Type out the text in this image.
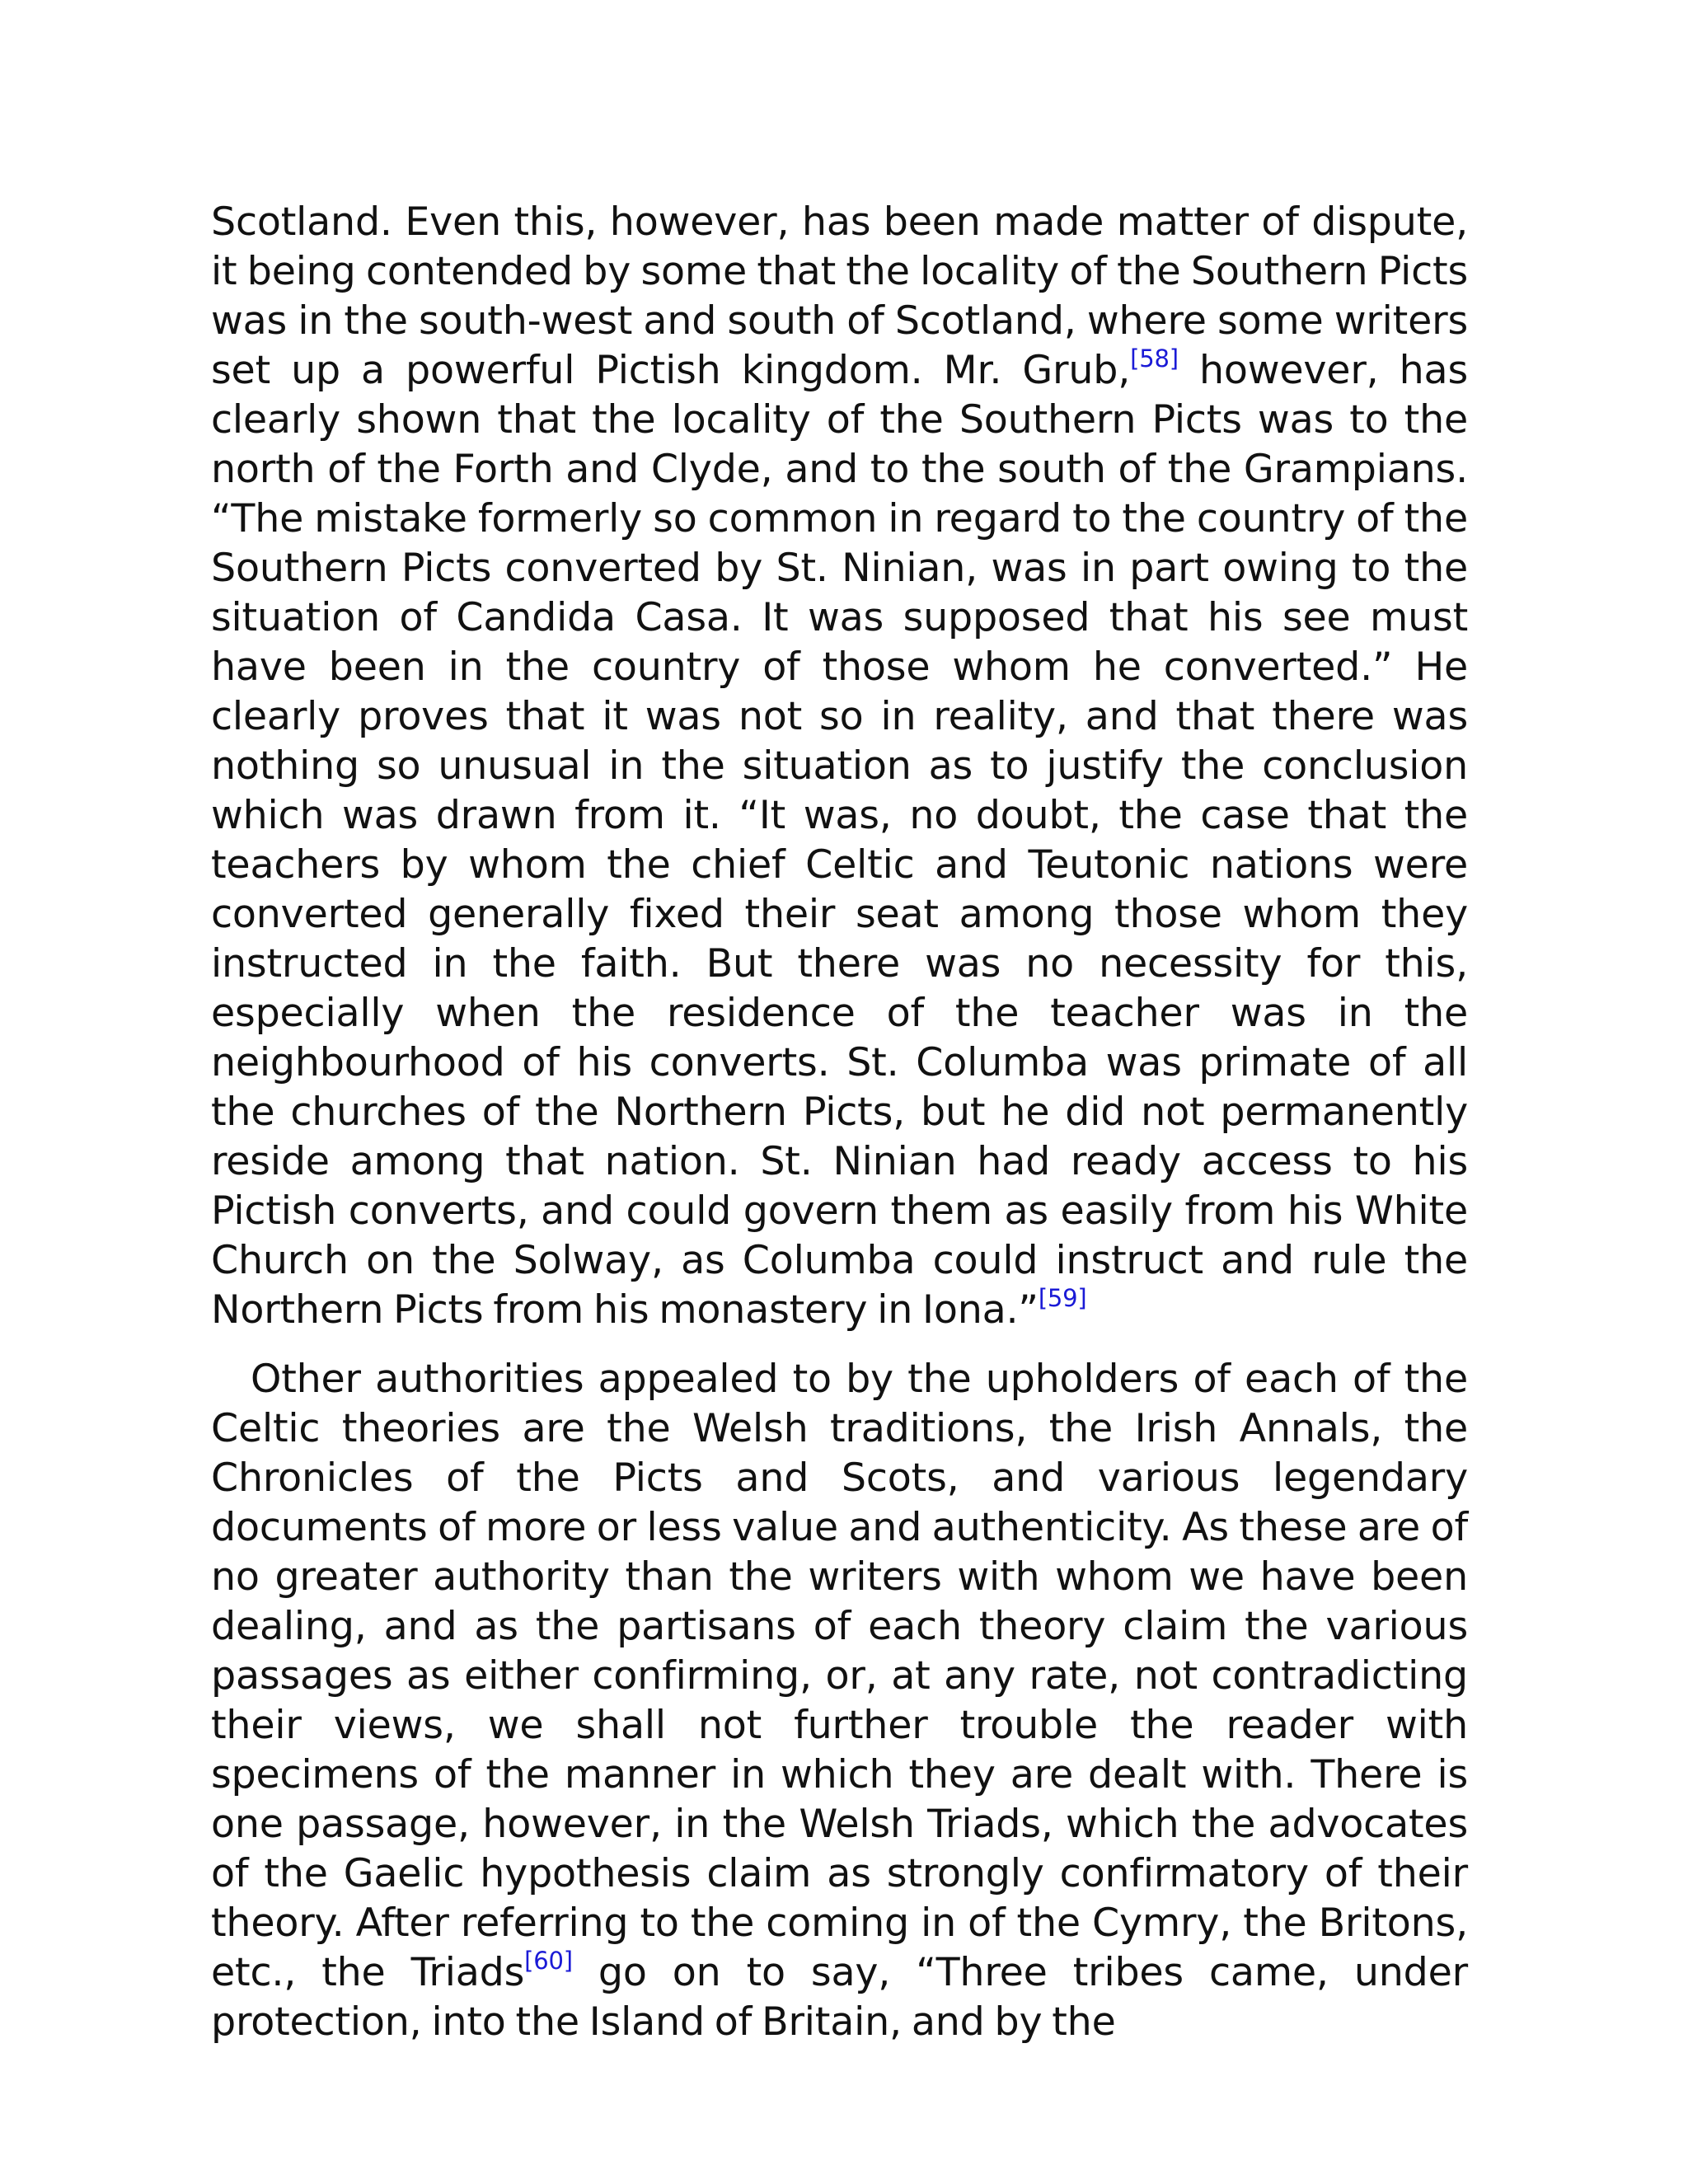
Scotland. Even this, however, has been made matter of dispute, it being contended by some that the locality of the Southern Picts was in the south-west and south of Scotland, where some writers set up a powerful Pictish kingdom. Mr. Grub,[58] however, has clearly shown that the locality of the Southern Picts was to the north of the Forth and Clyde, and to the south of the Grampians. “The mistake formerly so common in regard to the country of the Southern Picts converted by St. Ninian, was in part owing to the situation of Candida Casa. It was supposed that his see must have been in the country of those whom he converted.” He clearly proves that it was not so in reality, and that there was nothing so unusual in the situation as to justify the conclusion which was drawn from it. “It was, no doubt, the case that the teachers by whom the chief Celtic and Teutonic nations were converted generally fixed their seat among those whom they instructed in the faith. But there was no necessity for this, especially when the residence of the teacher was in the neighbourhood of his converts. St. Columba was primate of all the churches of the Northern Picts, but he did not permanently reside among that nation. St. Ninian had ready access to his Pictish converts, and could govern them as easily from his White Church on the Solway, as Columba could instruct and rule the Northern Picts from his monastery in Iona.”[59]

Other authorities appealed to by the upholders of each of the Celtic theories are the Welsh traditions, the Irish Annals, the Chronicles of the Picts and Scots, and various legendary documents of more or less value and authenticity. As these are of no greater authority than the writers with whom we have been dealing, and as the partisans of each theory claim the various passages as either confirming, or, at any rate, not contradicting their views, we shall not further trouble the reader with specimens of the manner in which they are dealt with. There is one passage, however, in the Welsh Triads, which the advocates of the Gaelic hypothesis claim as strongly confirmatory of their theory. After referring to the coming in of the Cymry, the Britons, etc., the Triads[60] go on to say, “Three tribes came, under protection, into the Island of Britain, and by the
